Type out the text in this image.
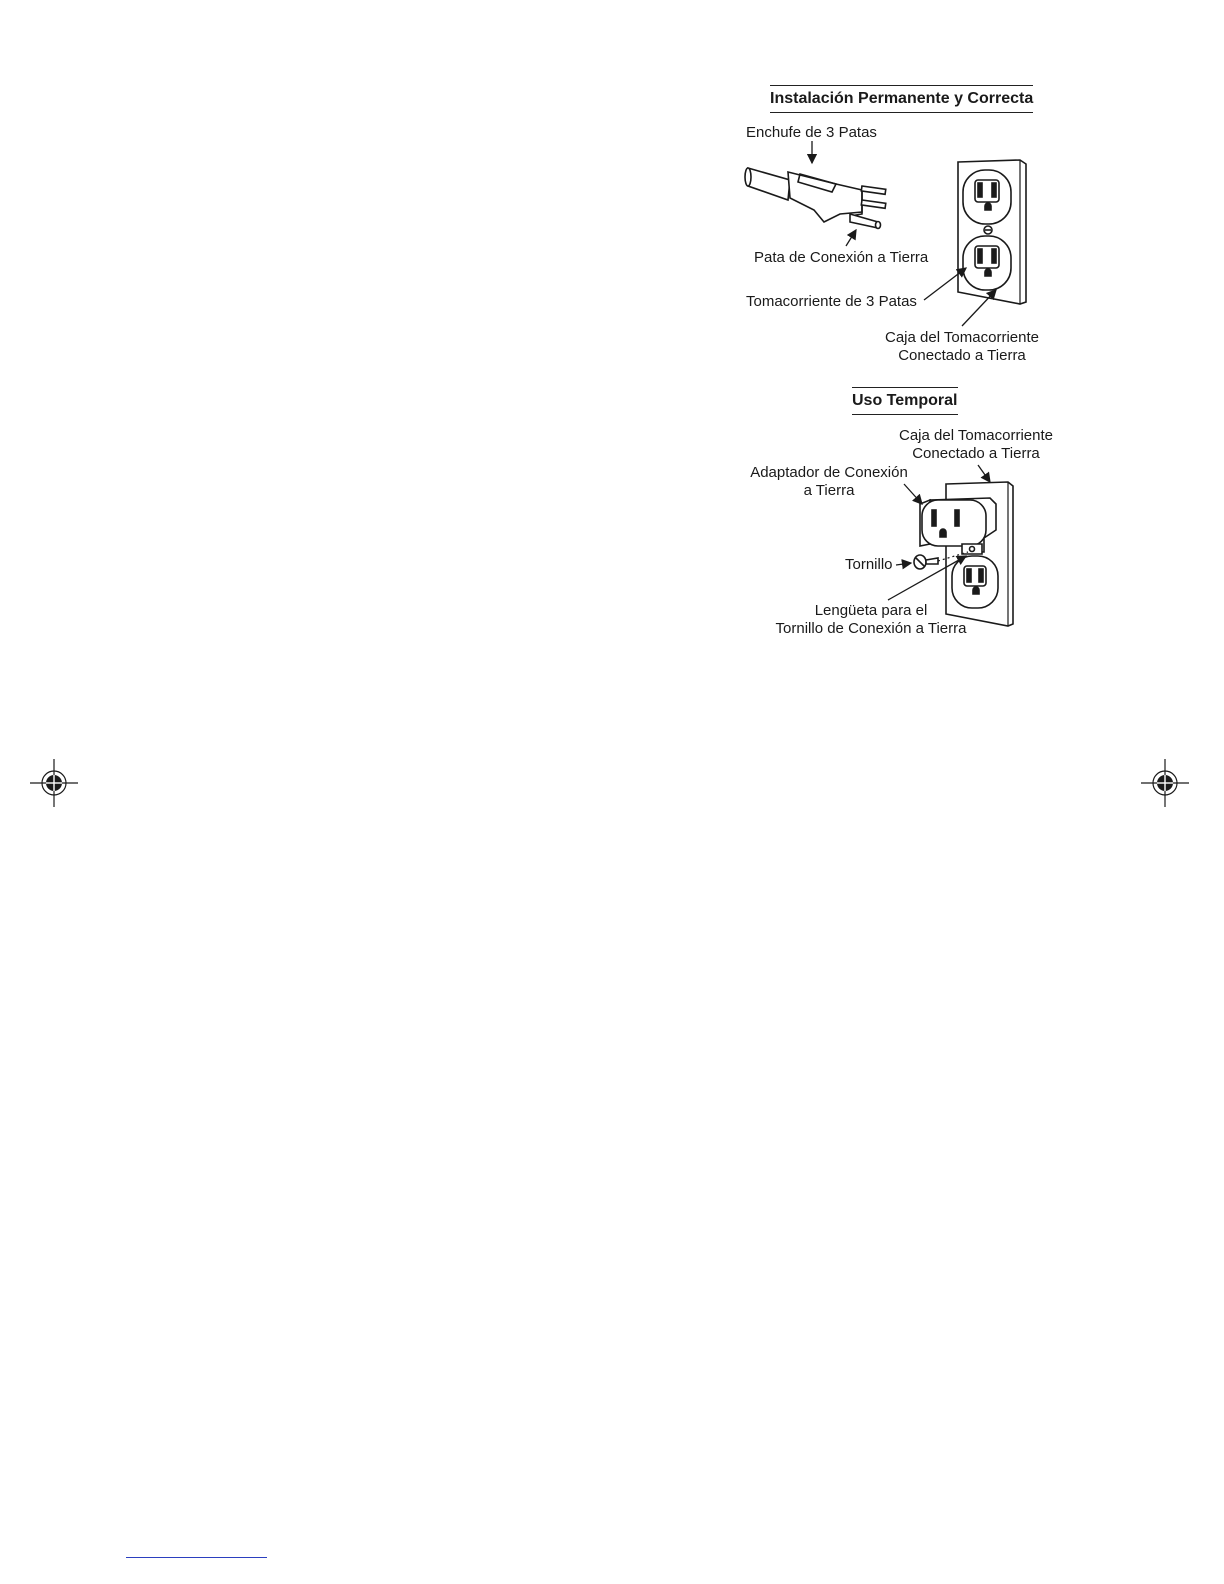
Instalación Permanente y Correcta
Uso Temporal
Enchufe de 3 Patas
Pata de Conexión a Tierra
Tomacorriente de 3 Patas
Caja del Tomacorriente
Conectado a Tierra
Caja del Tomacorriente
Conectado a Tierra
Adaptador de Conexión
a Tierra
Tornillo
Lengüeta para el
Tornillo de Conexión a Tierra
